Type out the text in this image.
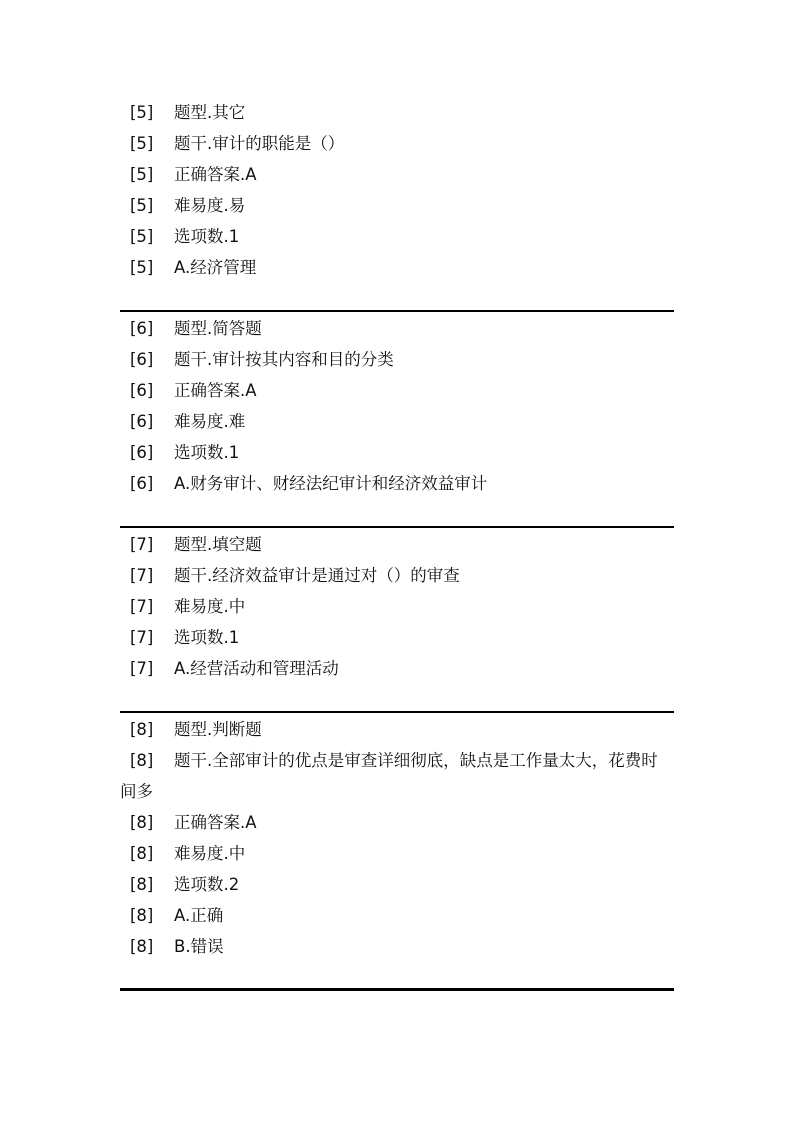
[5]	题型.其它
[5]	题干.审计的职能是（）
[5]	正确答案.A
[5]	难易度.易
[5]	选项数.1
[5]	A.经济管理
[6]	题型.简答题
[6]	题干.审计按其内容和目的分类
[6]	正确答案.A
[6]	难易度.难
[6]	选项数.1
[6]	A.财务审计、财经法纪审计和经济效益审计
[7]	题型.填空题
[7]	题干.经济效益审计是通过对（）的审查
[7]	难易度.中
[7]	选项数.1
[7]	A.经营活动和管理活动
[8]	题型.判断题
[8] 题干.全部审计的优点是审查详细彻底，缺点是工作量太大，花费时间多
[8]	正确答案.A
[8]	难易度.中
[8]	选项数.2
[8]	A.正确
[8]	B.错误
